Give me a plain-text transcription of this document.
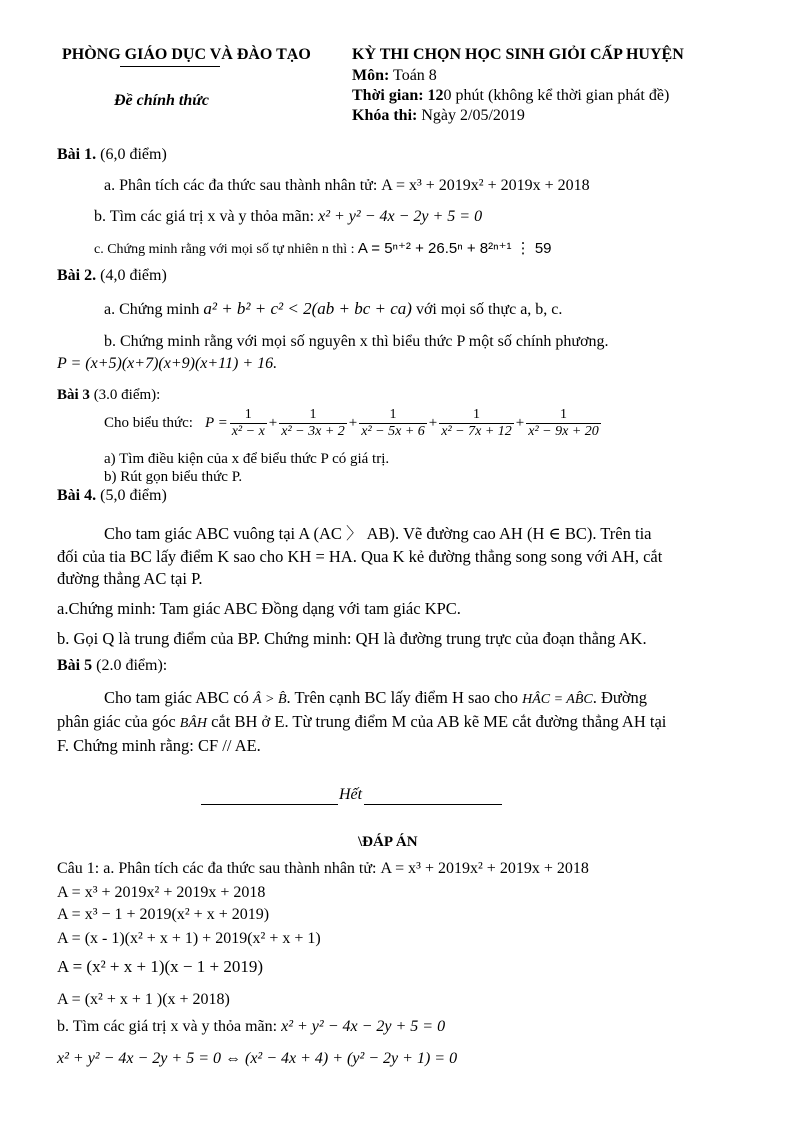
PHÒNG GIÁO DỤC VÀ ĐÀO TẠO
Đề chính thức
KỲ THI CHỌN HỌC SINH GIỎI CẤP HUYỆN
Môn: Toán 8
Thời gian: 120 phút (không kể thời gian phát đề)
Khóa thi: Ngày 2/05/2019
Bài 1. (6,0 điểm)
a. Phân tích các đa thức sau thành nhân tử: A = x³ + 2019x² + 2019x + 2018
b. Tìm các giá trị x và y thỏa mãn: x² + y² − 4x − 2y + 5 = 0
c. Chứng minh rằng với mọi số tự nhiên n thì : A = 5ⁿ⁺² + 26.5ⁿ + 8²ⁿ⁺¹ ⋮ 59
Bài 2. (4,0 điểm)
a. Chứng minh a² + b² + c² < 2(ab + bc + ca) với mọi số thực a, b, c.
b. Chứng minh rằng với mọi số nguyên x thì biểu thức P một số chính phương.
P = (x+5)(x+7)(x+9)(x+11) + 16.
Bài 3 (3.0 điểm):
Cho biểu thức: $P = \frac{1}{\text{x² − x}} + \frac{1}{\text{x² − 3x + 2}} + \frac{1}{\text{x² − 5x + 6}} + \frac{1}{\text{x² − 7x + 12}} + \frac{1}{\text{x² − 9x + 20}}$
a) Tìm điều kiện của x để biểu thức P có giá trị.
b) Rút gọn biểu thức P.
Bài 4. (5,0 điểm)
Cho tam giác ABC vuông tại A (AC 〉 AB). Vẽ đường cao AH (H ∈ BC). Trên tia
đối của tia BC lấy điểm K sao cho KH = HA. Qua K kẻ đường thẳng song song với AH, cắt
đường thẳng AC tại P.
a.Chứng minh: Tam giác ABC Đồng dạng với tam giác KPC.
b. Gọi Q là trung điểm của BP. Chứng minh: QH là đường trung trực của đoạn thẳng AK.
Bài 5 (2.0 điểm):
Cho tam giác ABC có Â > B̂. Trên cạnh BC lấy điểm H sao cho HÂC = AB̂C. Đường
phân giác của góc BÂH cắt BH ở E. Từ trung điểm M của AB kẽ ME cắt đường thẳng AH tại
F. Chứng minh rằng: CF // AE.
Hết
\ĐÁP ÁN
Câu 1: a. Phân tích các đa thức sau thành nhân tử: A = x³ + 2019x² + 2019x + 2018
A = x³ + 2019x² + 2019x + 2018
A = x³ − 1 + 2019(x² + x + 2019)
A = (x - 1)(x² + x + 1) + 2019(x² + x + 1)
A = (x² + x + 1)(x − 1 + 2019)
A = (x² + x + 1 )(x + 2018)
b. Tìm các giá trị x và y thỏa mãn: x² + y² − 4x − 2y + 5 = 0
x² + y² − 4x − 2y + 5 = 0 ⇔ (x² − 4x + 4) + (y² − 2y + 1) = 0
